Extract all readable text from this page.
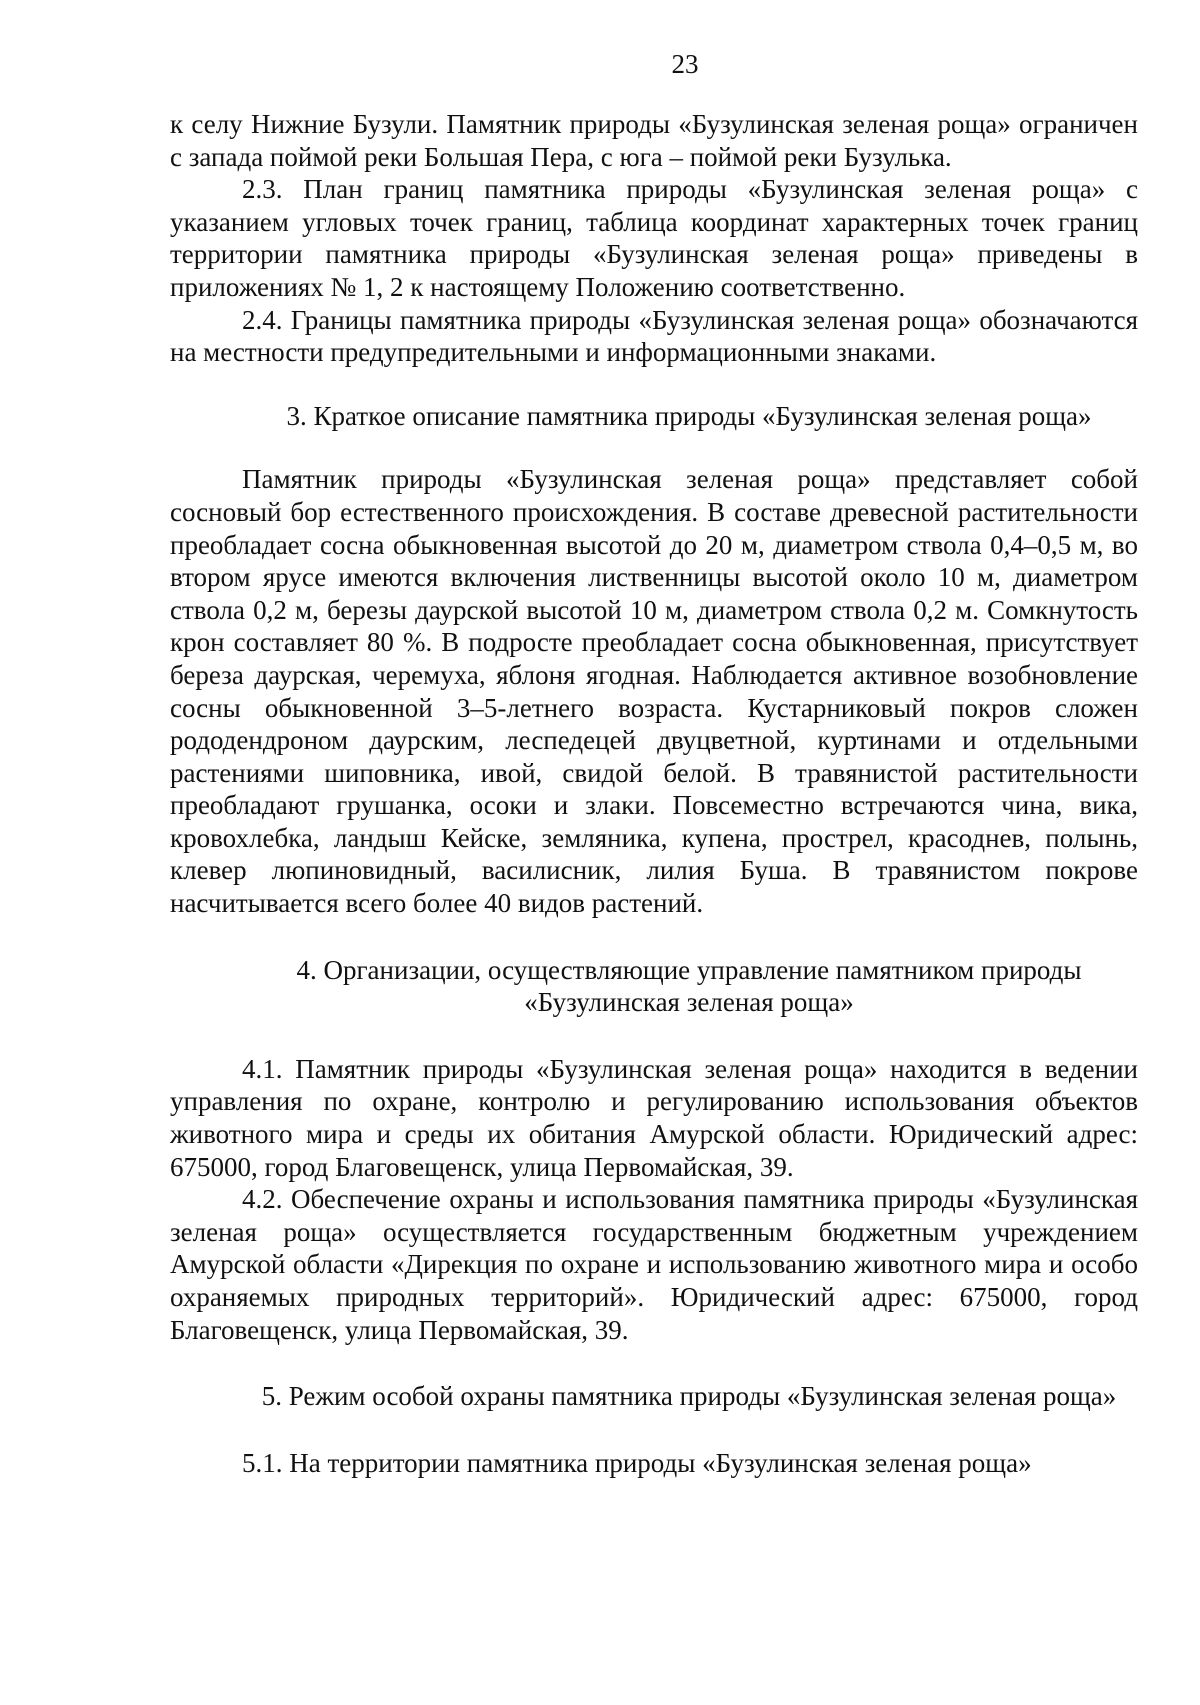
23

к селу Нижние Бузули. Памятник природы «Бузулинская зеленая роща» ограничен с запада поймой реки Большая Пера, с юга – поймой реки Бузулька.

2.3. План границ памятника природы «Бузулинская зеленая роща» с указанием угловых точек границ, таблица координат характерных точек границ территории памятника природы «Бузулинская зеленая роща» приведены в приложениях № 1, 2 к настоящему Положению соответственно.

2.4. Границы памятника природы «Бузулинская зеленая роща» обозначаются на местности предупредительными и информационными знаками.

3. Краткое описание памятника природы «Бузулинская зеленая роща»

Памятник природы «Бузулинская зеленая роща» представляет собой сосновый бор естественного происхождения. В составе древесной растительности преобладает сосна обыкновенная высотой до 20 м, диаметром ствола 0,4–0,5 м, во втором ярусе имеются включения лиственницы высотой около 10 м, диаметром ствола 0,2 м, березы даурской высотой 10 м, диаметром ствола 0,2 м. Сомкнутость крон составляет 80 %. В подросте преобладает сосна обыкновенная, присутствует береза даурская, черемуха, яблоня ягодная. Наблюдается активное возобновление сосны обыкновенной 3–5-летнего возраста. Кустарниковый покров сложен рододендроном даурским, леспедецей двуцветной, куртинами и отдельными растениями шиповника, ивой, свидой белой. В травянистой растительности преобладают грушанка, осоки и злаки. Повсеместно встречаются чина, вика, кровохлебка, ландыш Кейске, земляника, купена, прострел, красоднев, полынь, клевер люпиновидный, василисник, лилия Буша. В травянистом покрове насчитывается всего более 40 видов растений.

4. Организации, осуществляющие управление памятником природы «Бузулинская зеленая роща»

4.1. Памятник природы «Бузулинская зеленая роща» находится в ведении управления по охране, контролю и регулированию использования объектов животного мира и среды их обитания Амурской области. Юридический адрес: 675000, город Благовещенск, улица Первомайская, 39.

4.2. Обеспечение охраны и использования памятника природы «Бузулинская зеленая роща» осуществляется государственным бюджетным учреждением Амурской области «Дирекция по охране и использованию животного мира и особо охраняемых природных территорий». Юридический адрес: 675000, город Благовещенск, улица Первомайская, 39.

5. Режим особой охраны памятника природы «Бузулинская зеленая роща»

5.1. На территории памятника природы «Бузулинская зеленая роща»
